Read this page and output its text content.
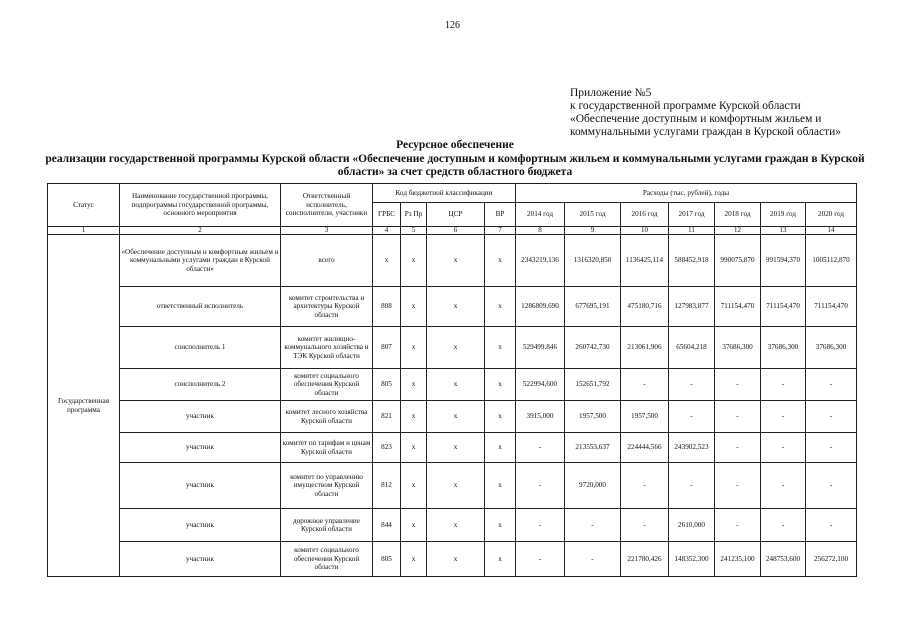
126
Приложение №5
к государственной программе Курской области
«Обеспечение доступным и комфортным жильем и
коммунальными услугами граждан в Курской области»
Ресурсное обеспечение
реализации государственной программы Курской области «Обеспечение доступным и комфортным жильем и коммунальными услугами граждан в Курской области» за счет средств областного бюджета
Статус	Наименование государственной программы, подпрограммы государственной программы, основного мероприятия	Ответственный исполнитель, соисполнители, участники	Код бюджетной классификации				Расходы (тыс. рублей), годы						
			ГРБС	Рз Пр	ЦСР	ВР	2014 год	2015 год	2016 год	2017 год	2018 год	2019 год	2020 год
1	2	3	4	5	6	7	8	9	10	11	12	13	14
Государственная программа	«Обеспечение доступным и комфортным жильем и коммунальными услугами граждан в Курской области»	всего	x	x	x	x	2343219,136	1316320,850	1136425,114	588452,918	990075,870	991594,370	1005112,870
	ответственный исполнитель	комитет строительства и архитектуры Курской области	808	x	x	x	1286809,690	677695,191	475180,716	127983,877	711154,470	711154,470	711154,470
	соисполнитель 1	комитет жилищно-коммунального хозяйства и ТЭК Курской области	807	x	x	x	529499,846	260742,730	213061,906	65604,218	37686,300	37686,300	37686,300
	соисполнитель 2	комитет социального обеспечения Курской области	805	x	x	x	522994,600	152651,792	-	-	-	-	-
	участник	комитет лесного хозяйства Курской области	821	x	x	x	3915,000	1957,500	1957,500	-	-	-	-
	участник	комитет по тарифам и ценам Курской области	823	x	x	x	-	213553,637	224444,566	243902,523	-	-	-
	участник	комитет по управлению имуществом Курской области	812	x	x	x	-	9720,000	-	-	-	-	-
	участник	дорожное управление Курской области	844	x	x	x	-	-	-	2610,000	-	-	-
	участник	комитет социального обеспечения Курской области	805	x	x	x	-	-	221780,426	148352,300	241235,100	248753,600	256272,100
